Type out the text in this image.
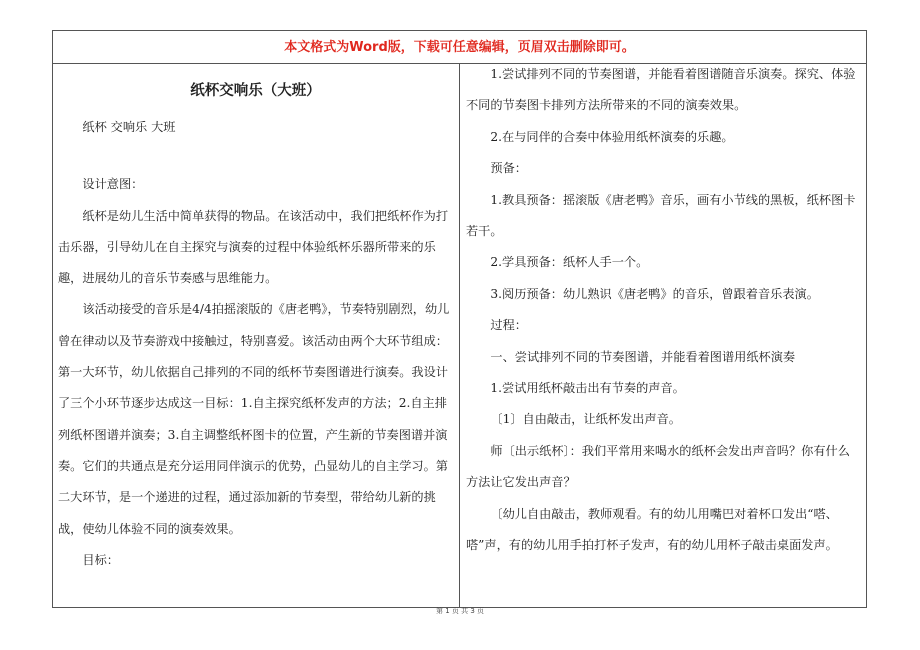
本文格式为Word版，下载可任意编辑，页眉双击删除即可。
纸杯交响乐（大班）

纸杯 交响乐 大班

设计意图：

纸杯是幼儿生活中简单获得的物品。在该活动中，我们把纸杯作为打击乐器，引导幼儿在自主探究与演奏的过程中体验纸杯乐器所带来的乐趣，进展幼儿的音乐节奏感与思维能力。

该活动接受的音乐是4/4拍摇滚版的《唐老鸭》，节奏特别剧烈，幼儿曾在律动以及节奏游戏中接触过，特别喜爱。该活动由两个大环节组成：第一大环节，幼儿依据自己排列的不同的纸杯节奏图谱进行演奏。我设计了三个小环节逐步达成这一目标：1.自主探究纸杯发声的方法；2.自主排列纸杯图谱并演奏；3.自主调整纸杯图卡的位置，产生新的节奏图谱并演奏。它们的共通点是充分运用同伴演示的优势，凸显幼儿的自主学习。第二大环节，是一个递进的过程，通过添加新的节奏型，带给幼儿新的挑战，使幼儿体验不同的演奏效果。

目标：

1.尝试排列不同的节奏图谱，并能看着图谱随音乐演奏。探究、体验不同的节奏图卡排列方法所带来的不同的演奏效果。

2.在与同伴的合奏中体验用纸杯演奏的乐趣。

预备：

1.教具预备：摇滚版《唐老鸭》音乐，画有小节线的黑板，纸杯图卡若干。

2.学具预备：纸杯人手一个。

3.阅历预备：幼儿熟识《唐老鸭》的音乐，曾跟着音乐表演。

过程：

一、尝试排列不同的节奏图谱，并能看着图谱用纸杯演奏

1.尝试用纸杯敲击出有节奏的声音。

〔1〕自由敲击，让纸杯发出声音。

师〔出示纸杯〕：我们平常用来喝水的纸杯会发出声音吗？你有什么方法让它发出声音？

〔幼儿自由敲击，教师观看。有的幼儿用嘴巴对着杯口发出“嗒、嗒”声，有的幼儿用手拍打杯子发声，有的幼儿用杯子敲击桌面发声。

第 1 页 共 3 页
